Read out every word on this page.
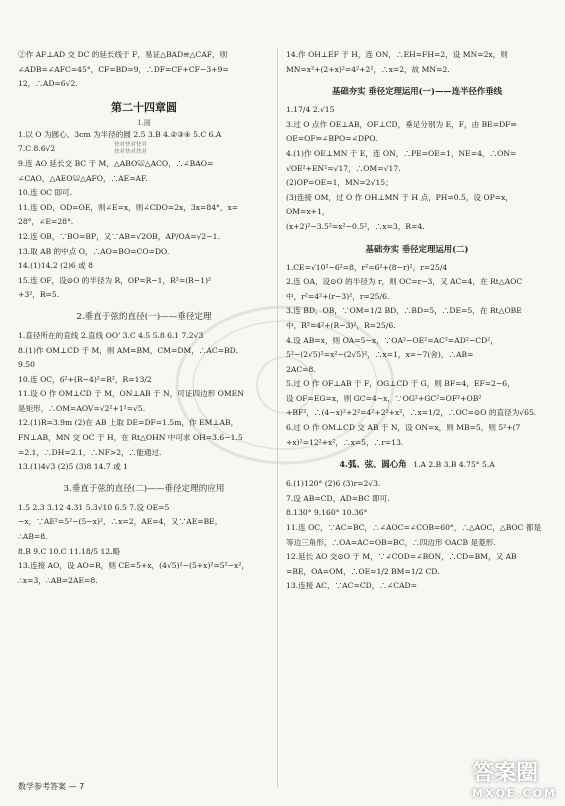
②作 AF⊥AD 交 DC 的延长线于 F，易证△BAD≌△CAF，则
∠ADB=∠AFC=45°，CF=BD=9，∴DF=CF+CF−3+9=
12，∴AD=6√2.
第二十四章圆
1.圆
快对快对快对
快对快对快对
1.以 O 为圆心、3cm 为半径的圆 2.5 3.B 4.②③④ 5.C 6.A
7.C 8.6√2
9.连 AO 延长交 BC 于 M，△ABO≌△ACO，∴∠BAO=
∠CAO，△AEO≌△AFO，∴AE=AF.
10.连 OC 即可.
11.连 OD，OD=OE，则∠E=x，则∠CDO=2x，3x=84°，x=
28°，∠E=28°.
12.连 OB，∵BO=BP，又∵AB=√2OB，AP/OA=√2−1.
13.取 AB 的中点 O，∴AO=BO=CO=DO.
14.(1)14.2 (2)6 或 8
15.连 OF，设⊙O 的半径为 R，OP=R−1，R²=(R−1)²
+3²，R=5.
2.垂直于弦的直径(一)——垂径定理
1.直径所在的直线 2.直线 OO' 3.C 4.5 5.8 6.1 7.2√3
8.(1)作 OM⊥CD 于 M，则 AM=BM，CM=DM，∴AC=BD.
9.50
10.连 OC，6²+(R−4)²=R²，R=13/2
11.设 O 作 OM⊥CD 于 M，ON⊥AB 于 N，可证四边形 OMEN
是矩形，∴OM=AOV=√2²+1²=√5.
12.(1)R=3.9m (2)在 AB 上取 DE=DF=1.5m，作 EM⊥AB，
FN⊥AB，MN 交 OC 于 H，在 Rt△OHN 中可求 OH=3.6−1.5
=2.1，∴DH=2.1，∴NF>2，∴能通过.
13.(1)4√3 (2)5 (3)8 14.7 或 1
3.垂直于弦的直径(二)——垂径定理的应用
1.5 2.3 3.12 4.31 5.3√10 6.5 7.设 OE=5
−x，∵AE²=5²−(5−x)²，∴x=2，AE=4，又∵AE=BE，
∴AB=8.
8.B 9.C 10.C 11.18/5 12.略
13.连接 AO，设 AO=R，则 CE=5+x，(4√5)²−(5+x)²=5²−x²，
∴x=3，∴AB=2AE=8.
14.作 OH⊥EF 于 H，连 ON，∴EH=FH=2，设 MN=2x，则
MN=x²+(2+x)²=4²+2²，∴x=2，故 MN=2.
基础夯实 垂径定理运用(一)——连半径作垂线
1.17/4 2.√15
3.过 O 点作 OE⊥AB，OF⊥CD，垂足分别为 E，F，由 BE=DF⇒
OE=OF⇒∠BPO=∠DPO.
4.(1)作 OE⊥MN 于 E，连 ON，∴PE=OE=1，NE=4，∴ON=
√OE²+EN²=√17，∴OM=√17.
(2)OP=OE=1，MN=2√15；
(3)连接 OM，过 O 作 OH⊥MN 于 H 点，PH=0.5，设 OP=x，
OM=x+1，
(x+2)²−3.5²=x²−0.5²，∴x=3，R=4.
基础夯实 垂径定理运用(二)
1.CE=√10²−6²=8，r²=6²+(8−r)²，r=25/4
2.连 OA，设⊙O 的半径为 r，则 OC=r−3，又 AC=4，在 Rt△AOC
中，r²=4²+(r−3)²，r=25/6.
3.连 BD，OB，∵OM=1/2 BD，∴BD=5，∴DE=5，在 Rt△OBE
中，R²=4²+(R−3)²，R=25/6.
4.设 AB=x，则 OA=5−x，∵OA²−OE²=AC²=AD²−CD²，
5²−(2√5)²=x²−(2√5)²，∴x=1，x=−7(舍)，∴AB=
2AC=8.
5.过 O 作 OF⊥AB 于 F，OG⊥CD 于 G，则 BF=4，EF=2−6，
设 OF=EG=x，则 GC=4−x，∵OG²+GC²=OF²+OB²
+BF²，∴(4−x)²+2²=4²+2²+x²，∴x=1/2，∴OC=⊙O 的直径为√65.
6.过 O 作 OM⊥CD 交 AB 于 N，设 ON=x，则 MB=5，则 5²+(7
+x)²=12²+x²，∴x=5，∴r=13.
4.弧、弦、圆心角 1.A 2.B 3.B 4.75° 5.A
6.(1)120° (2)6 (3)r=2√3.
7.设 AB=CD，AD=BC 即可.
8.130° 9.160° 10.36°
11.连 OC，∵AC=BC，∴∠AOC=∠COB=60°，∴△AOC，△BOC 都是
等边三角形，∴OA=AC=OB=BC，∴四边形 OACB 是菱形.
12.延长 AO 交⊙O 于 M，∵∠COD=∠BON，∴CD=BM，又 AB
=BE，OA=OM，∴OE=1/2 BM=1/2 CD.
13.连接 AC，∵AC=CD，∴∠CAD=
数学参考答案 — 7
答案圈
MXQE.COM
